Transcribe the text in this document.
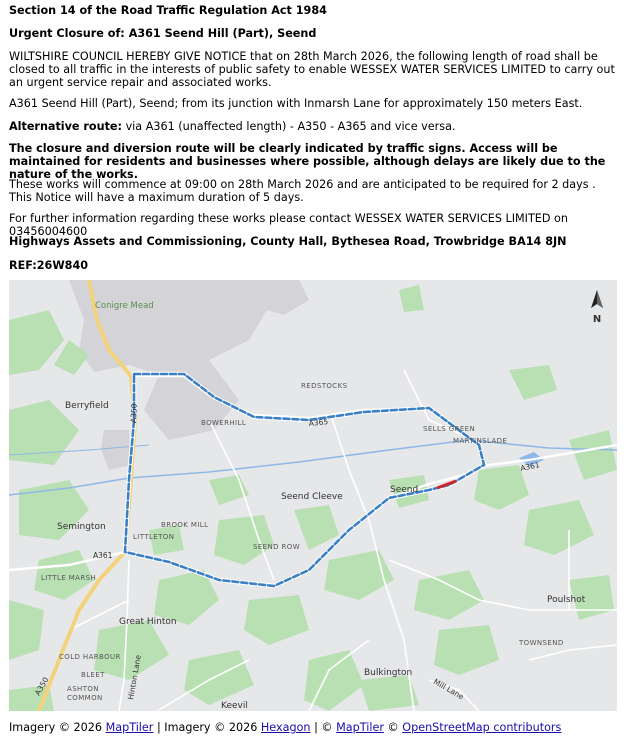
Section 14 of the Road Traffic Regulation Act 1984

Urgent Closure of: A361 Seend Hill (Part), Seend

WILTSHIRE COUNCIL HEREBY GIVE NOTICE that on 28th March 2026, the following length of road shall be closed to all traffic in the interests of public safety to enable WESSEX WATER SERVICES LIMITED to carry out an urgent service repair and associated works.

A361 Seend Hill (Part), Seend; from its junction with Inmarsh Lane for approximately 150 meters East.

Alternative route: via A361 (unaffected length) - A350 - A365 and vice versa.

The closure and diversion route will be clearly indicated by traffic signs. Access will be maintained for residents and businesses where possible, although delays are likely due to the nature of the works.

These works will commence at 09:00 on 28th March 2026 and are anticipated to be required for 2 days . This Notice will have a maximum duration of 5 days.

For further information regarding these works please contact WESSEX WATER SERVICES LIMITED on 03456004600

Highways Assets and Commissioning, County Hall, Bythesea Road, Trowbridge BA14 8JN

REF:26W840

N
Conigre Mead
Berryfield
REDSTOCKS
BOWERHILL
SELLS GREEN
MARTINSLADE
Seend
Seend Cleeve
Semington	BROOK MILL
LITTLETON
SEEND ROW
LITTLE MARSH
Great Hinton
Poulshot
TOWNSEND
COLD HARBOUR
BLEET
ASHTON COMMON
Bulkington
Keevil
Mill Lane
Hinton Lane
A361
A361
A365
A350
A350
Imagery © 2026 MapTiler | Imagery © 2026 Hexagon | © MapTiler © OpenStreetMap contributors
